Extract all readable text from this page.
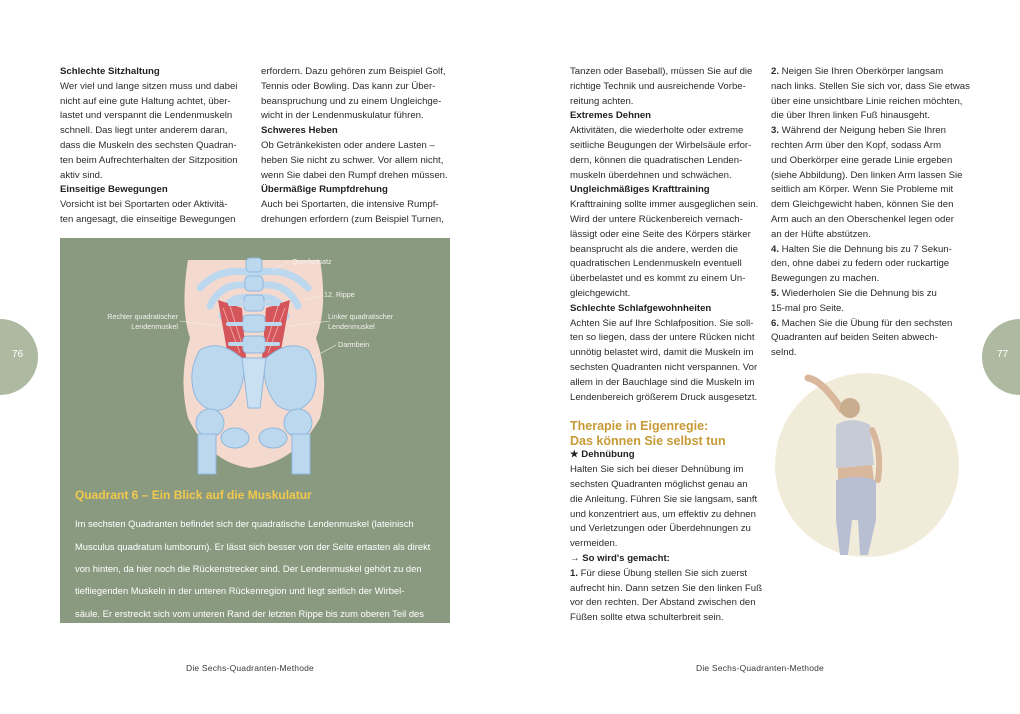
Schlechte Sitzhaltung

Wer viel und lange sitzen muss und dabei

nicht auf eine gute Haltung achtet, über-

lastet und verspannt die Lendenmuskeln

schnell. Das liegt unter anderem daran,

dass die Muskeln des sechsten Quadran-

ten beim Aufrechterhalten der Sitzposition

aktiv sind.

Einseitige Bewegungen

Vorsicht ist bei Sportarten oder Aktivitä-

ten angesagt, die einseitige Bewegungen

erfordern. Dazu gehören zum Beispiel Golf,

Tennis oder Bowling. Das kann zur Über-

beanspruchung und zu einem Ungleichge-

wicht in der Lendenmuskulatur führen.

Schweres Heben

Ob Getränkekisten oder andere Lasten –

heben Sie nicht zu schwer. Vor allem nicht,

wenn Sie dabei den Rumpf drehen müssen.

Übermäßige Rumpfdrehung

Auch bei Sportarten, die intensive Rumpf-

drehungen erfordern (zum Beispiel Turnen,

Querfortsatz
12. Rippe
Rechter quadratischer
Lendenmuskel
Linker quadratischer
Lendenmuskel
Darmbein
Quadrant 6 – Ein Blick auf die Muskulatur

Im sechsten Quadranten befindet sich der quadratische Lendenmuskel (lateinisch

Musculus quadratum lumborum). Er lässt sich besser von der Seite ertasten als direkt

von hinten, da hier noch die Rückenstrecker sind. Der Lendenmuskel gehört zu den

tiefliegenden Muskeln in der unteren Rückenregion und liegt seitlich der Wirbel-

säule. Er erstreckt sich vom unteren Rand der letzten Rippe bis zum oberen Teil des

Darmbeins (Ilium) und seitlich zur Lendenwirbelsäule. Er ist in drei Teile gegliedert:

medial, intermediär und lateral, wobei jeder Teil unterschiedliche Ansatzpunkte und

Funktionen hat.

76
Die Sechs-Quadranten-Methode

Tanzen oder Baseball), müssen Sie auf die

richtige Technik und ausreichende Vorbe-

reitung achten.

Extremes Dehnen

Aktivitäten, die wiederholte oder extreme

seitliche Beugungen der Wirbelsäule erfor-

dern, können die quadratischen Lenden-

muskeln überdehnen und schwächen.

Ungleichmäßiges Krafttraining

Krafttraining sollte immer ausgeglichen sein.

Wird der untere Rückenbereich vernach-

lässigt oder eine Seite des Körpers stärker

beansprucht als die andere, werden die

quadratischen Lendenmuskeln eventuell

überbelastet und es kommt zu einem Un-

gleichgewicht.

Schlechte Schlafgewohnheiten

Achten Sie auf Ihre Schlafposition. Sie soll-

ten so liegen, dass der untere Rücken nicht

unnötig belastet wird, damit die Muskeln im

sechsten Quadranten nicht verspannen. Vor

allem in der Bauchlage sind die Muskeln im

Lendenbereich größerem Druck ausgesetzt.

Therapie in Eigenregie:
Das können Sie selbst tun
★ Dehnübung

Halten Sie sich bei dieser Dehnübung im

sechsten Quadranten möglichst genau an

die Anleitung. Führen Sie sie langsam, sanft

und konzentriert aus, um effektiv zu dehnen

und Verletzungen oder Überdehnungen zu

vermeiden.

→ So wird's gemacht:

1. Für diese Übung stellen Sie sich zuerst

aufrecht hin. Dann setzen Sie den linken Fuß

vor den rechten. Der Abstand zwischen den

Füßen sollte etwa schulterbreit sein.

2. Neigen Sie Ihren Oberkörper langsam

nach links. Stellen Sie sich vor, dass Sie etwas

über eine unsichtbare Linie reichen möchten,

die über Ihren linken Fuß hinausgeht.

3. Während der Neigung heben Sie Ihren

rechten Arm über den Kopf, sodass Arm

und Oberkörper eine gerade Linie ergeben

(siehe Abbildung). Den linken Arm lassen Sie

seitlich am Körper. Wenn Sie Probleme mit

dem Gleichgewicht haben, können Sie den

Arm auch an den Oberschenkel legen oder

an der Hüfte abstützen.

4. Halten Sie die Dehnung bis zu 7 Sekun-

den, ohne dabei zu federn oder ruckartige

Bewegungen zu machen.

5. Wiederholen Sie die Dehnung bis zu

15-mal pro Seite.

6. Machen Sie die Übung für den sechsten

Quadranten auf beiden Seiten abwech-

selnd.	77
Die Sechs-Quadranten-Methode
